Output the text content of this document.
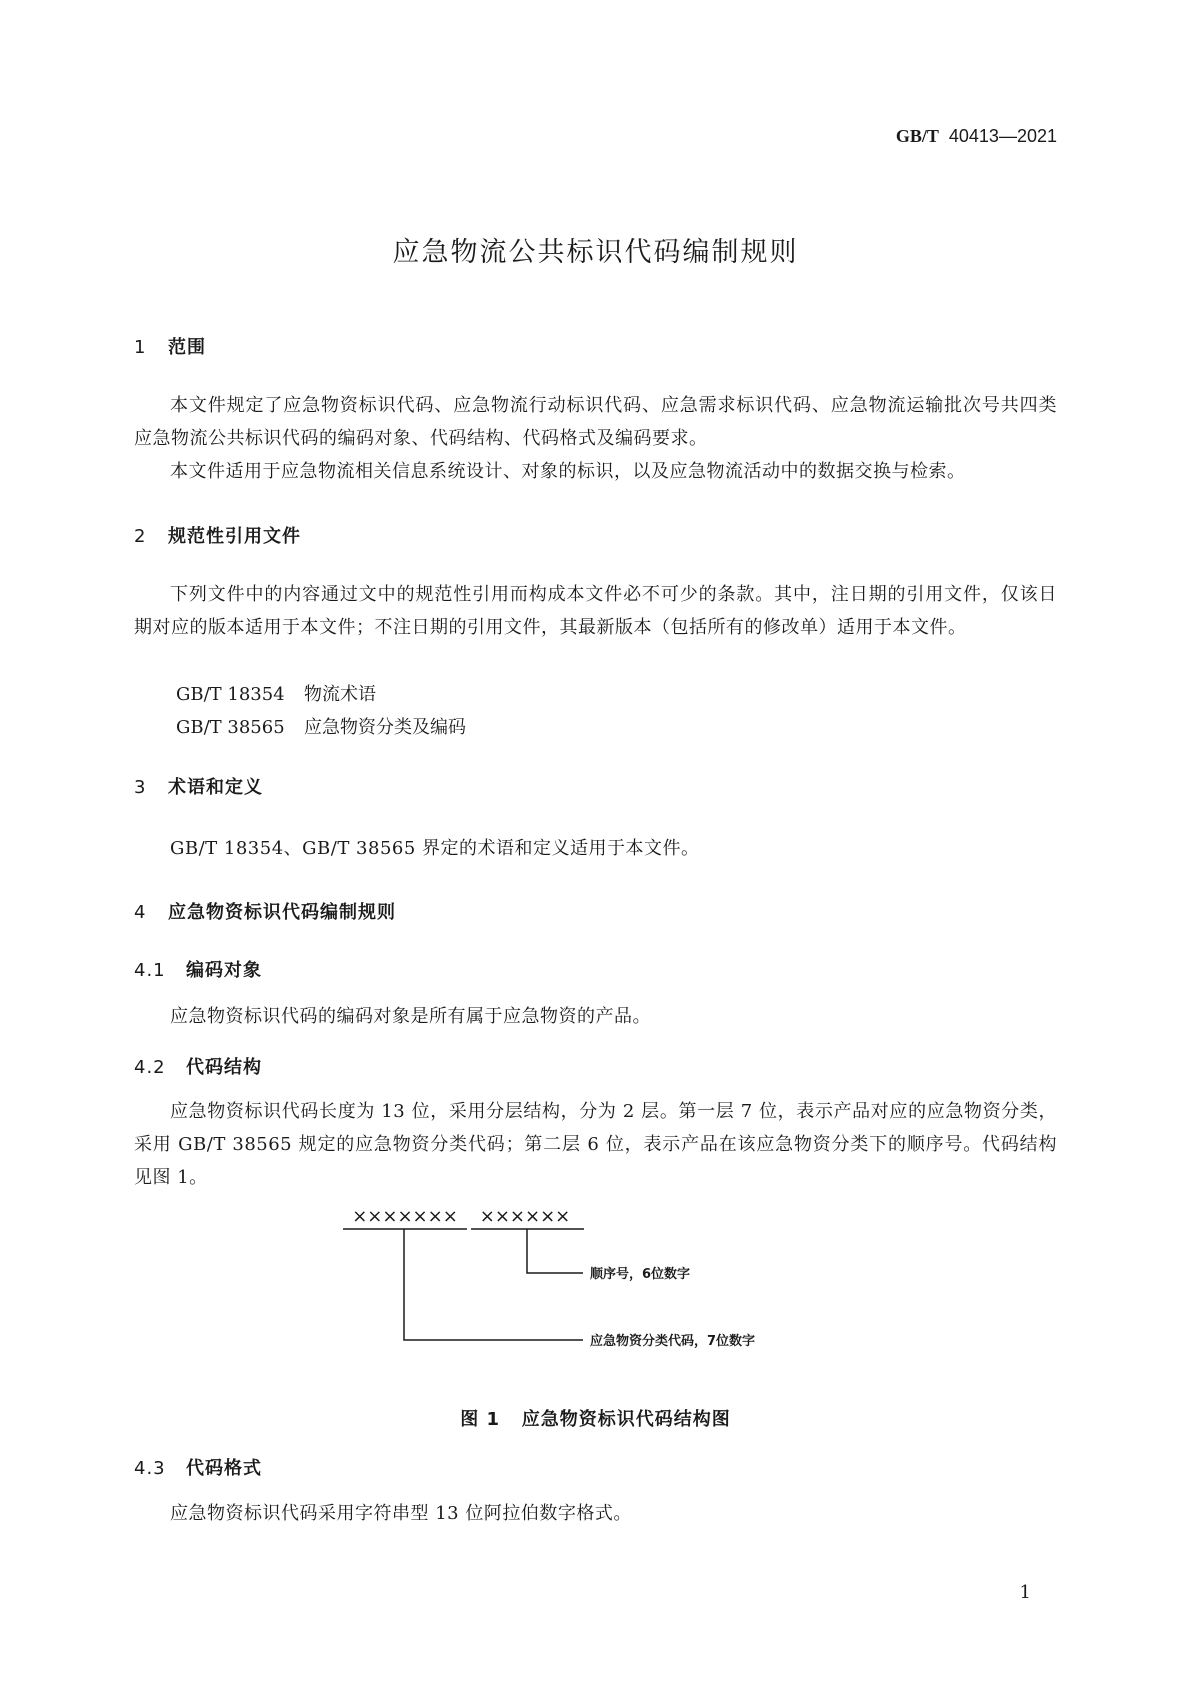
GB/T 40413—2021
应急物流公共标识代码编制规则
1 范围
本文件规定了应急物资标识代码、应急物流行动标识代码、应急需求标识代码、应急物流运输批次号共四类应急物流公共标识代码的编码对象、代码结构、代码格式及编码要求。
本文件适用于应急物流相关信息系统设计、对象的标识，以及应急物流活动中的数据交换与检索。
2 规范性引用文件
下列文件中的内容通过文中的规范性引用而构成本文件必不可少的条款。其中，注日期的引用文件，仅该日期对应的版本适用于本文件；不注日期的引用文件，其最新版本（包括所有的修改单）适用于本文件。
GB/T 18354 物流术语
GB/T 38565 应急物资分类及编码
3 术语和定义
GB/T 18354、GB/T 38565 界定的术语和定义适用于本文件。
4 应急物资标识代码编制规则
4.1 编码对象
应急物资标识代码的编码对象是所有属于应急物资的产品。
4.2 代码结构
应急物资标识代码长度为 13 位，采用分层结构，分为 2 层。第一层 7 位，表示产品对应的应急物资分类，采用 GB/T 38565 规定的应急物资分类代码；第二层 6 位，表示产品在该应急物资分类下的顺序号。代码结构见图 1。
××××××× ××××××
顺序号，6位数字
应急物资分类代码，7位数字
图 1 应急物资标识代码结构图
4.3 代码格式
应急物资标识代码采用字符串型 13 位阿拉伯数字格式。
1
